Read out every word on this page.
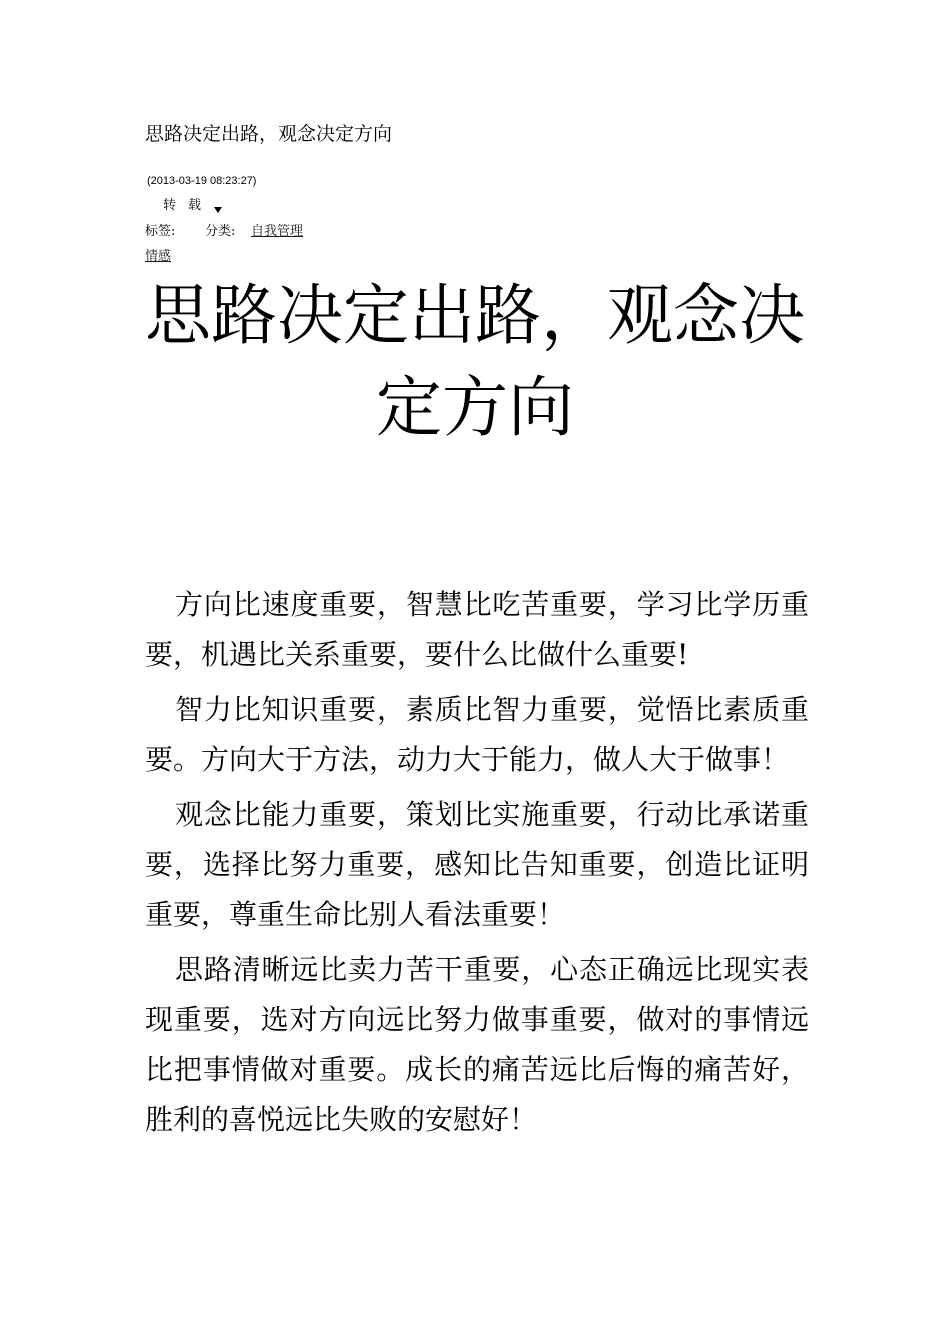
思路决定出路，观念决定方向
(2013-03-19 08:23:27)
转载
标签: 分类: 自我管理
情感
思路决定出路，观念决定方向

方向比速度重要，智慧比吃苦重要，学习比学历重要，机遇比关系重要，要什么比做什么重要!

智力比知识重要，素质比智力重要，觉悟比素质重要。方向大于方法，动力大于能力，做人大于做事！

观念比能力重要，策划比实施重要，行动比承诺重要，选择比努力重要，感知比告知重要，创造比证明重要，尊重生命比别人看法重要！

思路清晰远比卖力苦干重要，心态正确远比现实表现重要，选对方向远比努力做事重要，做对的事情远比把事情做对重要。成长的痛苦远比后悔的痛苦好，胜利的喜悦远比失败的安慰好！
